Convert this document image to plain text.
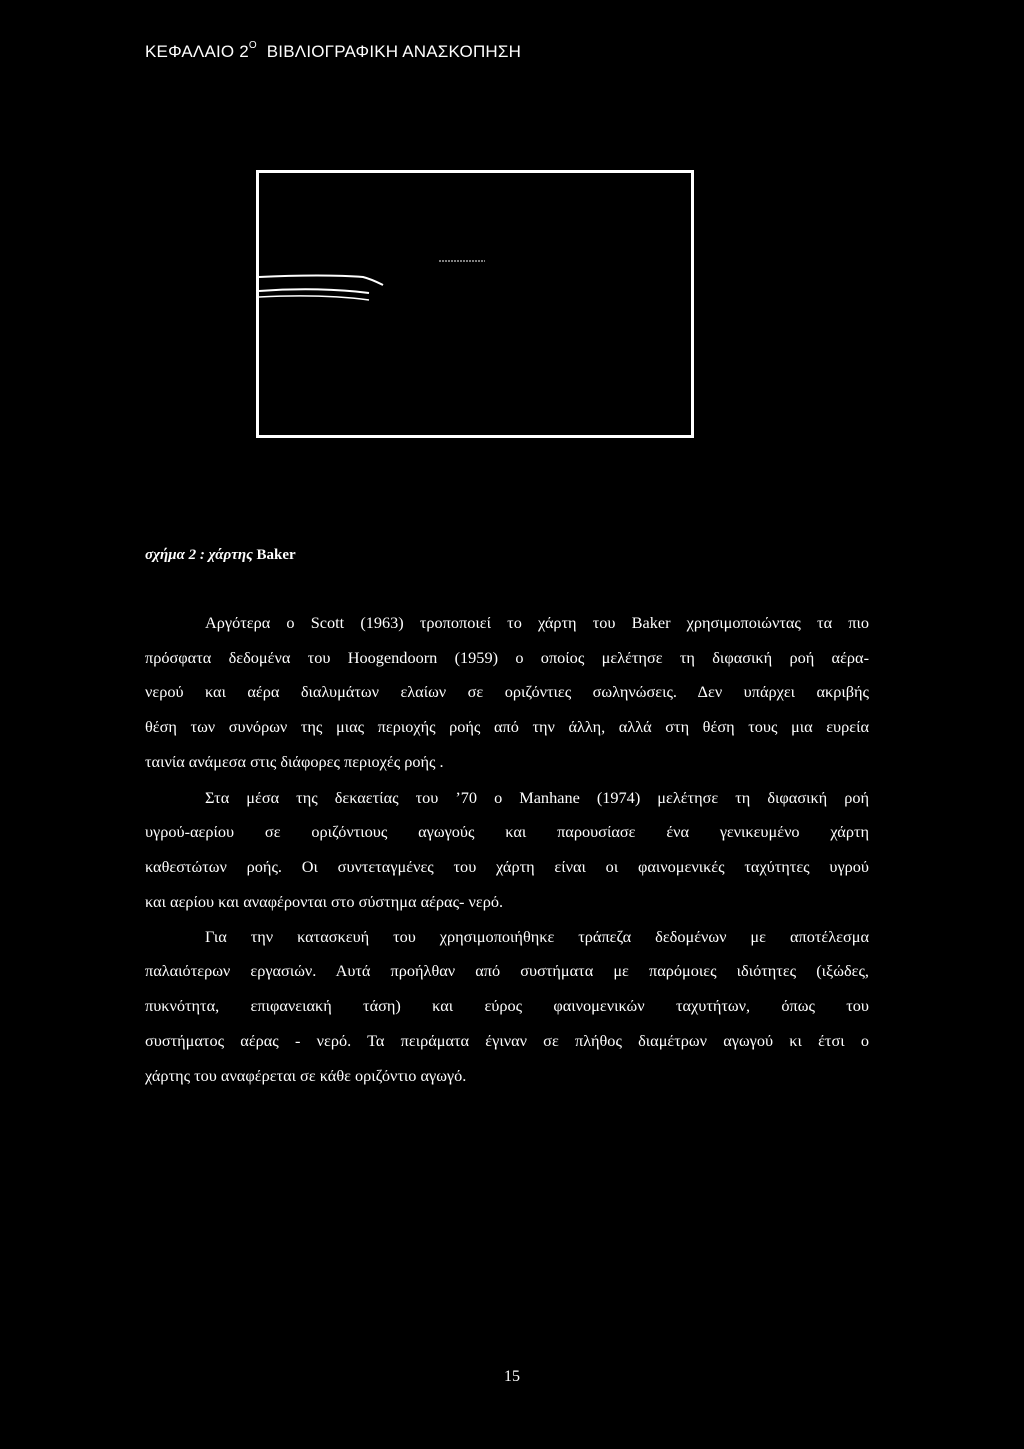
ΚΕΦΑΛΑΙΟ $2^O$ ΒΙΒΛΙΟΓΡΑΦΙΚΗ ΑΝΑΣΚΟΠΗΣΗ
σχήμα 2 : χάρτης Baker
Αργότερα ο Scott (1963) τροποποιεί το χάρτη του Baker χρησιμοποιώντας τα πιο
πρόσφατα δεδομένα του Hoogendoorn (1959) ο οποίος μελέτησε τη διφασική ροή αέρα-
νερού και αέρα διαλυμάτων ελαίων σε οριζόντιες σωληνώσεις. Δεν υπάρχει ακριβής
θέση των συνόρων της μιας περιοχής ροής από την άλλη, αλλά στη θέση τους μια ευρεία
ταινία ανάμεσα στις διάφορες περιοχές ροής .
Στα μέσα της δεκαετίας του ’70 ο Manhane (1974) μελέτησε τη διφασική ροή
υγρού-αερίου σε οριζόντιους αγωγούς και παρουσίασε ένα γενικευμένο χάρτη
καθεστώτων ροής. Οι συντεταγμένες του χάρτη είναι οι φαινομενικές ταχύτητες υγρού
και αερίου και αναφέρονται στο σύστημα αέρας- νερό.
Για την κατασκευή του χρησιμοποιήθηκε τράπεζα δεδομένων με αποτέλεσμα
παλαιότερων εργασιών. Αυτά προήλθαν από συστήματα με παρόμοιες ιδιότητες (ιξώδες,
πυκνότητα, επιφανειακή τάση) και εύρος φαινομενικών ταχυτήτων, όπως του
συστήματος αέρας - νερό. Τα πειράματα έγιναν σε πλήθος διαμέτρων αγωγού κι έτσι ο
χάρτης του αναφέρεται σε κάθε οριζόντιο αγωγό.
15
